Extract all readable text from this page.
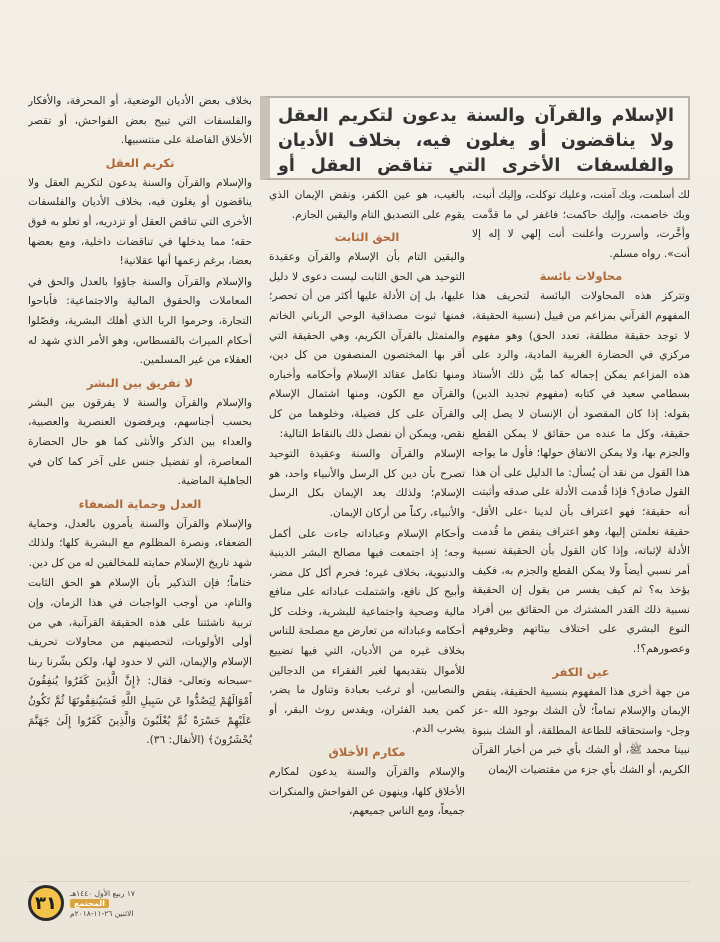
الإسلام والقرآن والسنة يدعون لتكريم العقل ولا يناقضون أو يغلون فيه، بخلاف الأديان والفلسفات الأخرى التي تناقض العقل أو

لك أسلمت، وبك آمنت، وعليك توكلت، وإليك أنبت، وبك خاصمت، وإليك حاكمت؛ فاغفر لي ما قدَّمت وأخَّرت، وأسررت وأعلنت أنت إلهي لا إله إلا أنت». رواه مسلم.

محاولات بائسة

وتتركز هذه المحاولات اليائسة لتحريف هذا المفهوم القرآني بمزاعم من قبيل (نسبية الحقيقة، لا توجد حقيقة مطلقة، تعدد الحق) وهو مفهوم مركزي في الحضارة الغربية المادية، والرد على هذه المزاعم يمكن إجماله كما بيَّن ذلك الأستاذ بسطامي سعيد في كتابه (مفهوم تجديد الدين) بقوله: إذا كان المقصود أن الإنسان لا يصل إلى حقيقة، وكل ما عنده من حقائق لا يمكن القطع والجزم بها، ولا يمكن الاتفاق حولها؛ فأول ما يواجه هذا القول من نقد أن يُسأل: ما الدليل على أن هذا القول صادق؟ فإذا قُدمت الأدلة على صدقه وأثبتت أنه حقيقة؛ فهو اعتراف بأن لدينا -على الأقل- حقيقة نعلمتن إليها، وهو اعتراف ينقض ما قُدمت الأدلة لإثباته، وإذا كان القول بأن الحقيقة نسبية أمر نسبي أيضاً ولا يمكن القطع والجزم به، فكيف يؤخذ به؟ ثم كيف يفسر من يقول إن الحقيقة نسبية ذلك القدر المشترك من الحقائق بين أفراد النوع البشري على اختلاف بيئاتهم وظروفهم وعصورهم؟!.

عين الكفر

من جهة أخرى هذا المفهوم بنسبية الحقيقة، ينقض الإيمان والإسلام تماماً؛ لأن الشك بوجود الله -عز وجل- واستحقاقه للطاعة المطلقة، أو الشك بنبوة نبينا محمد ﷺ، أو الشك بأي خبر من أخبار القرآن الكريم، أو الشك بأي جزء من مقتضيات الإيمان

بالغيب، هو عين الكفر، ونقض الإيمان الذي يقوم على التصديق التام واليقين الجازم.

الحق الثابت

واليقين التام بأن الإسلام والقرآن وعقيدة التوحيد هي الحق الثابت ليست دعوى لا دليل عليها، بل إن الأدلة عليها أكثر من أن تحصر؛ فمنها ثبوت مصداقية الوحي الرباني الخاتم والمتمثل بالقرآن الكريم، وهي الحقيقة التي أقر بها المختصون المنصفون من كل دين، ومنها تكامل عقائد الإسلام وأحكامه وأخباره والقرآن مع الكون، ومنها اشتمال الإسلام والقرآن على كل فضيلة، وخلوهما من كل نقص، ويمكن أن نفصل ذلك بالنقاط التالية:

الإسلام والقرآن والسنة وعقيدة التوحيد تصرح بأن دين كل الرسل والأنبياء واحد، هو الإسلام؛ ولذلك يعد الإيمان بكل الرسل والأنبياء، ركناً من أركان الإيمان.

وأحكام الإسلام وعباداته جاءت على أكمل وجه؛ إذ اجتمعت فيها مصالح البشر الدينية والدنيوية، بخلاف غيره؛ فحرم أكل كل مضر، وأبيح كل نافع، واشتملت عباداته على منافع مالية وصحية واجتماعية للبشرية، وخلت كل أحكامه وعباداته من تعارض مع مصلحة للناس بخلاف غيره من الأديان، التي فيها تضييع للأموال بتقديمها لغير الفقراء من الدجالين والنصابين، أو ترغب بعبادة وتناول ما يضر، كمن يعبد الفئران، ويقدس روث البقر، أو يشرب الدم.

مكارم الأخلاق

والإسلام والقرآن والسنة يدعون لمكارم الأخلاق كلها، وينهون عن الفواحش والمنكرات جميعاً، ومع الناس جميعهم،

بخلاف بعض الأديان الوضعية، أو المحرفة، والأفكار والفلسفات التي تبيح بعض الفواحش، أو تقصر الأخلاق الفاضلة على منتسبيها.

تكريم العقل

والإسلام والقرآن والسنة يدعون لتكريم العقل ولا يناقضون أو يغلون فيه، بخلاف الأديان والفلسفات الأخرى التي تناقض العقل أو تزدريه، أو تعلو به فوق حقه؛ مما يدخلها في تناقضات داخلية، ومع بعضها بعضا، برغم زعمها أنها عقلانية!

والإسلام والقرآن والسنة جاؤوا بالعدل والحق في المعاملات والحقوق المالية والاجتماعية: فأباحوا التجارة، وحرموا الربا الذي أهلك البشرية، وفصّلوا أحكام الميراث بالقسطاس، وهو الأمر الذي شهد له العقلاء من غير المسلمين.

لا تفريق بين البشر

والإسلام والقرآن والسنة لا يفرقون بين البشر بحسب أجناسهم، ويرفضون العنصرية والعصبية، والعداء بين الذكر والأنثى كما هو حال الحضارة المعاصرة، أو تفضيل جنس على آخر كما كان في الجاهلية الماضية.

العدل وحماية الضعفاء

والإسلام والقرآن والسنة يأمرون بالعدل، وحماية الضعفاء، ونصرة المظلوم مع البشرية كلها؛ ولذلك شهد تاريخ الإسلام حمايته للمخالفين له من كل دين.

ختاماً؛ فإن التذكير بأن الإسلام هو الحق الثابت والتام، من أوجب الواجبات في هذا الزمان، وإن تربية ناشئتنا على هذه الحقيقة القرآنية، هي من أولى الأولويات، لتحصينهم من محاولات تحريف الإسلام والإيمان، التي لا حدود لها، ولكن بشّرنا ربنا -سبحانه وتعالى- فقال: ﴿إِنَّ الَّذِينَ كَفَرُوا يُنفِقُونَ أَمْوَالَهُمْ لِيَصُدُّوا عَن سَبِيلِ اللَّهِ فَسَيُنفِقُونَهَا ثُمَّ تَكُونُ عَلَيْهِمْ حَسْرَةً ثُمَّ يُغْلَبُونَ وَالَّذِينَ كَفَرُوا إِلَىٰ جَهَنَّمَ يُحْشَرُونَ﴾ (الأنفال: ٣٦).

٣١	١٧ ربيع الأول ١٤٤٠هـ
المجتمع
الاثنين ٢٦-١١-٢٠١٨م
